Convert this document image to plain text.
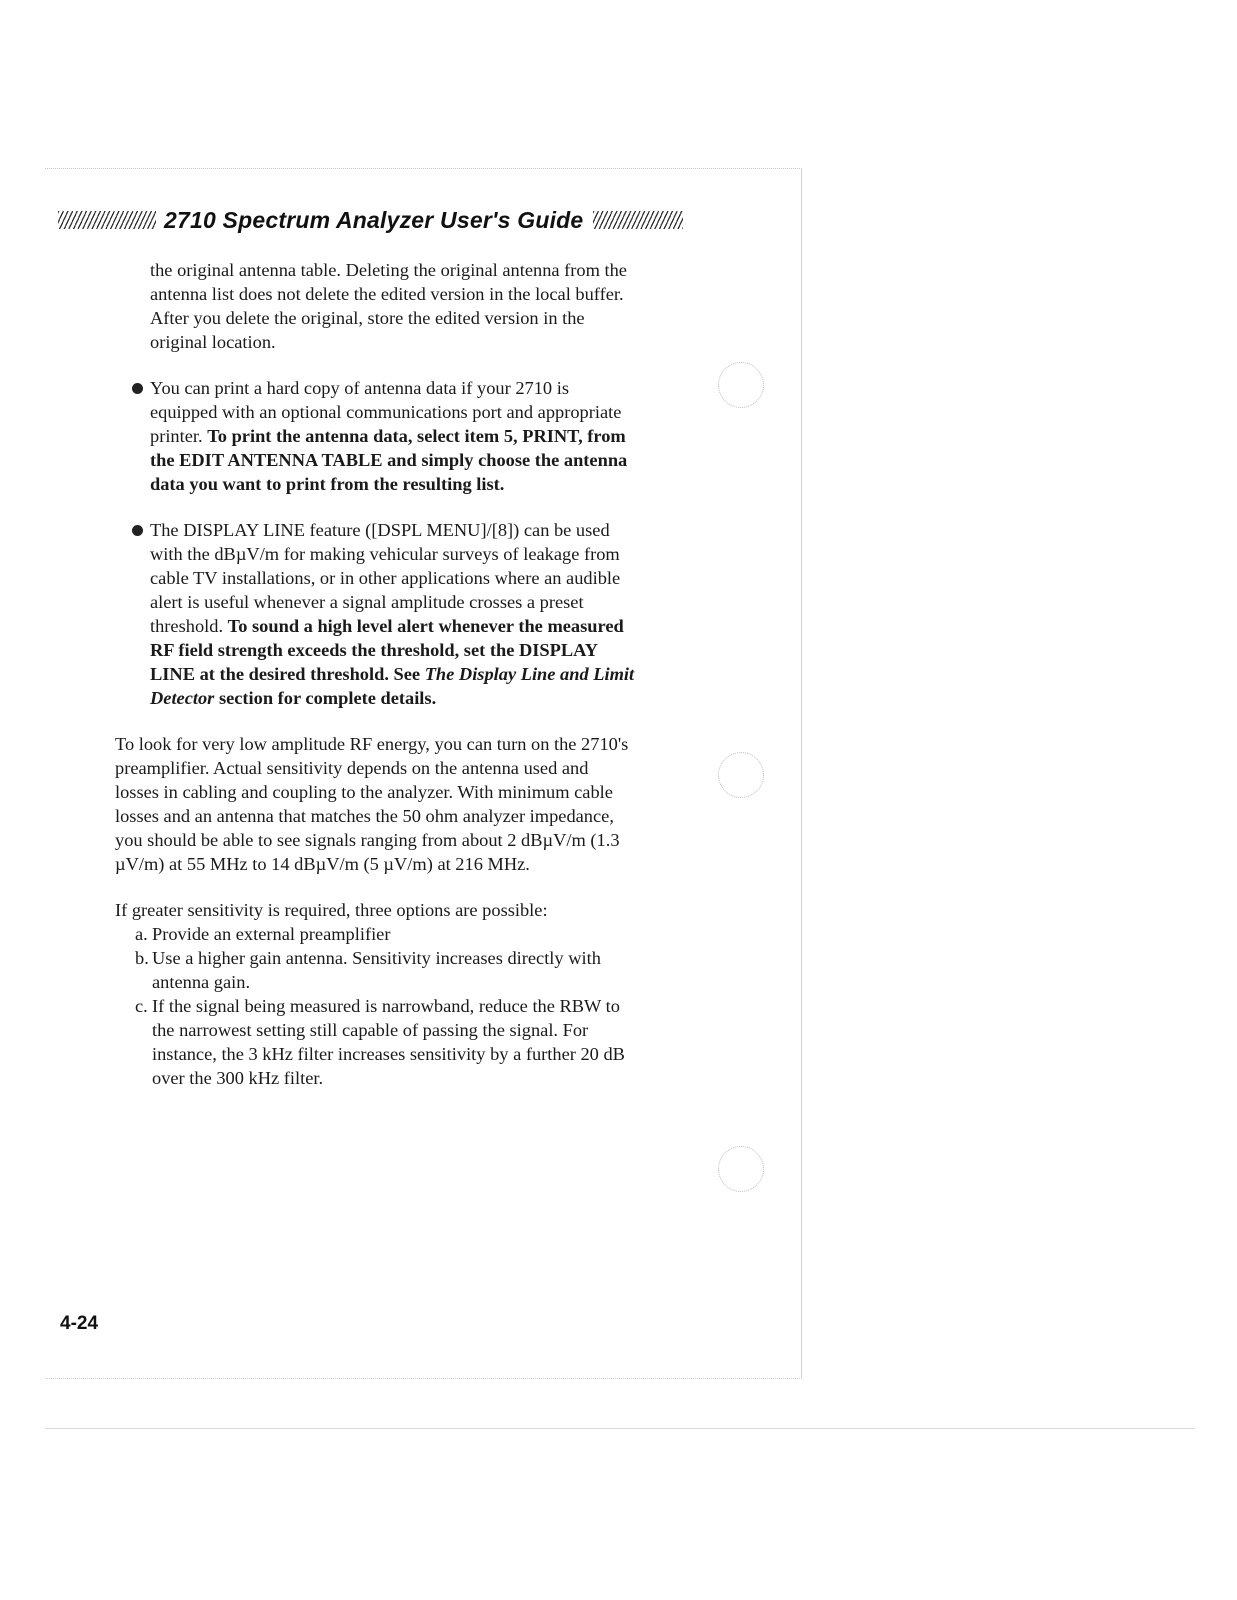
2710 Spectrum Analyzer User's Guide

the original antenna table. Deleting the original antenna from the antenna list does not delete the edited version in the local buffer. After you delete the original, store the edited version in the original location.

You can print a hard copy of antenna data if your 2710 is equipped with an optional communications port and appropriate printer. To print the antenna data, select item 5, PRINT, from the EDIT ANTENNA TABLE and simply choose the antenna data you want to print from the resulting list.
The DISPLAY LINE feature ([DSPL MENU]/[8]) can be used with the dBµV/m for making vehicular surveys of leakage from cable TV installations, or in other applications where an audible alert is useful whenever a signal amplitude crosses a preset threshold. To sound a high level alert whenever the measured RF field strength exceeds the threshold, set the DISPLAY LINE at the desired threshold. See The Display Line and Limit Detector section for complete details.

To look for very low amplitude RF energy, you can turn on the 2710's preamplifier. Actual sensitivity depends on the antenna used and losses in cabling and coupling to the analyzer. With minimum cable losses and an antenna that matches the 50 ohm analyzer impedance, you should be able to see signals ranging from about 2 dBµV/m (1.3 µV/m) at 55 MHz to 14 dBµV/m (5 µV/m) at 216 MHz.

If greater sensitivity is required, three options are possible:

a. Provide an external preamplifier
b. Use a higher gain antenna. Sensitivity increases directly with antenna gain.
c. If the signal being measured is narrowband, reduce the RBW to the narrowest setting still capable of passing the signal. For instance, the 3 kHz filter increases sensitivity by a further 20 dB over the 300 kHz filter.
4-24
